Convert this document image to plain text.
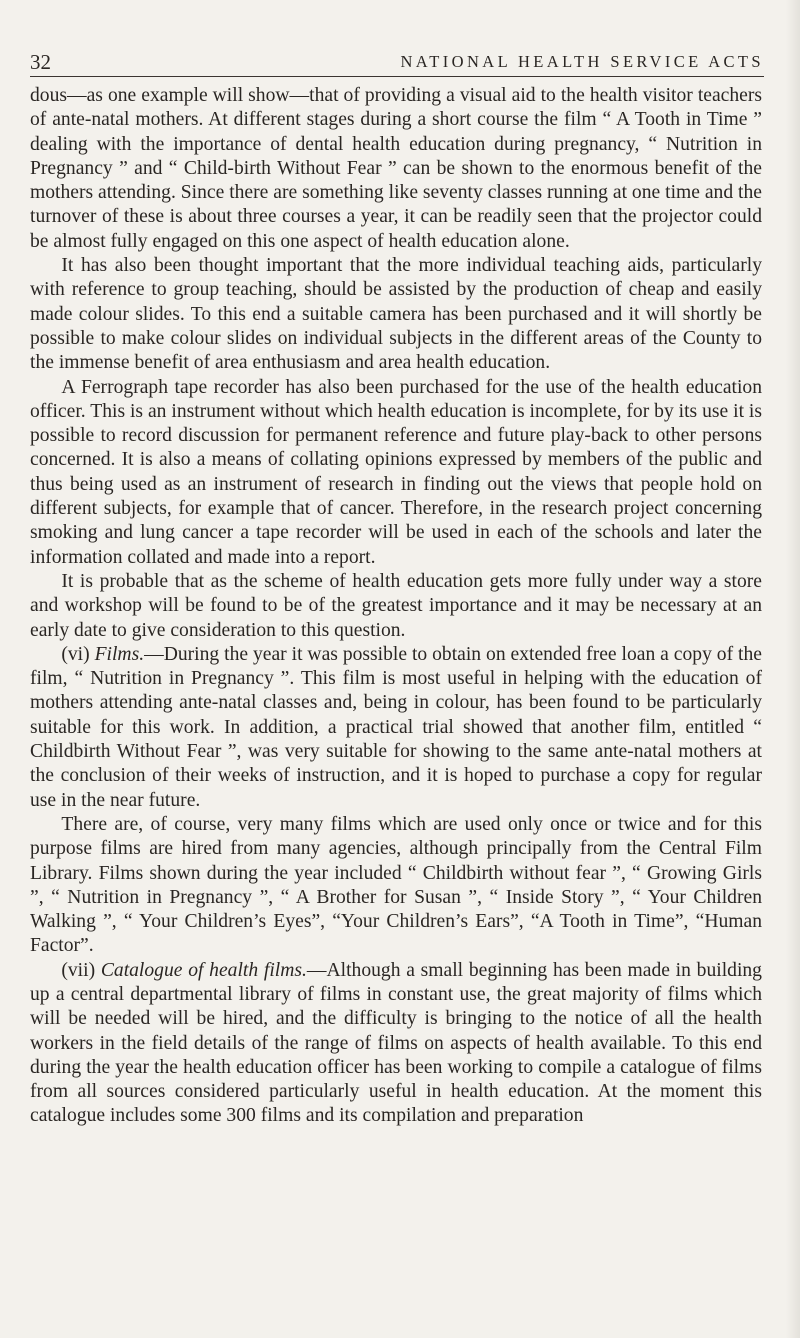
32	NATIONAL HEALTH SERVICE ACTS

dous—as one example will show—that of providing a visual aid to the health visitor teachers of ante-natal mothers. At different stages during a short course the film “ A Tooth in Time ” dealing with the importance of dental health education during pregnancy, “ Nutrition in Pregnancy ” and “ Child-birth Without Fear ” can be shown to the enormous benefit of the mothers attending. Since there are something like seventy classes running at one time and the turnover of these is about three courses a year, it can be readily seen that the projector could be almost fully engaged on this one aspect of health education alone.

It has also been thought important that the more individual teaching aids, particularly with reference to group teaching, should be assisted by the production of cheap and easily made colour slides. To this end a suitable camera has been purchased and it will shortly be possible to make colour slides on individual subjects in the different areas of the County to the immense benefit of area enthusiasm and area health education.

A Ferrograph tape recorder has also been purchased for the use of the health education officer. This is an instrument without which health education is incomplete, for by its use it is possible to record discussion for permanent reference and future play-back to other persons concerned. It is also a means of collating opinions expressed by members of the public and thus being used as an instrument of research in finding out the views that people hold on different subjects, for example that of cancer. Therefore, in the research project concerning smoking and lung cancer a tape recorder will be used in each of the schools and later the information collated and made into a report.

It is probable that as the scheme of health education gets more fully under way a store and workshop will be found to be of the greatest importance and it may be necessary at an early date to give consideration to this question.

(vi) Films.—During the year it was possible to obtain on extended free loan a copy of the film, “ Nutrition in Pregnancy ”. This film is most useful in helping with the education of mothers attending ante-natal classes and, being in colour, has been found to be particularly suitable for this work. In addition, a practical trial showed that another film, entitled “ Childbirth Without Fear ”, was very suitable for showing to the same ante-natal mothers at the conclusion of their weeks of instruction, and it is hoped to purchase a copy for regular use in the near future.

There are, of course, very many films which are used only once or twice and for this purpose films are hired from many agencies, although principally from the Central Film Library. Films shown during the year included “ Childbirth without fear ”, “ Growing Girls ”, “ Nutrition in Pregnancy ”, “ A Brother for Susan ”, “ Inside Story ”, “ Your Children Walking ”, “ Your Children’s Eyes”, “Your Children’s Ears”, “A Tooth in Time”, “Human Factor”.

(vii) Catalogue of health films.—Although a small beginning has been made in building up a central departmental library of films in constant use, the great majority of films which will be needed will be hired, and the difficulty is bringing to the notice of all the health workers in the field details of the range of films on aspects of health available. To this end during the year the health education officer has been working to compile a catalogue of films from all sources considered particularly useful in health education. At the moment this catalogue includes some 300 films and its compilation and preparation
